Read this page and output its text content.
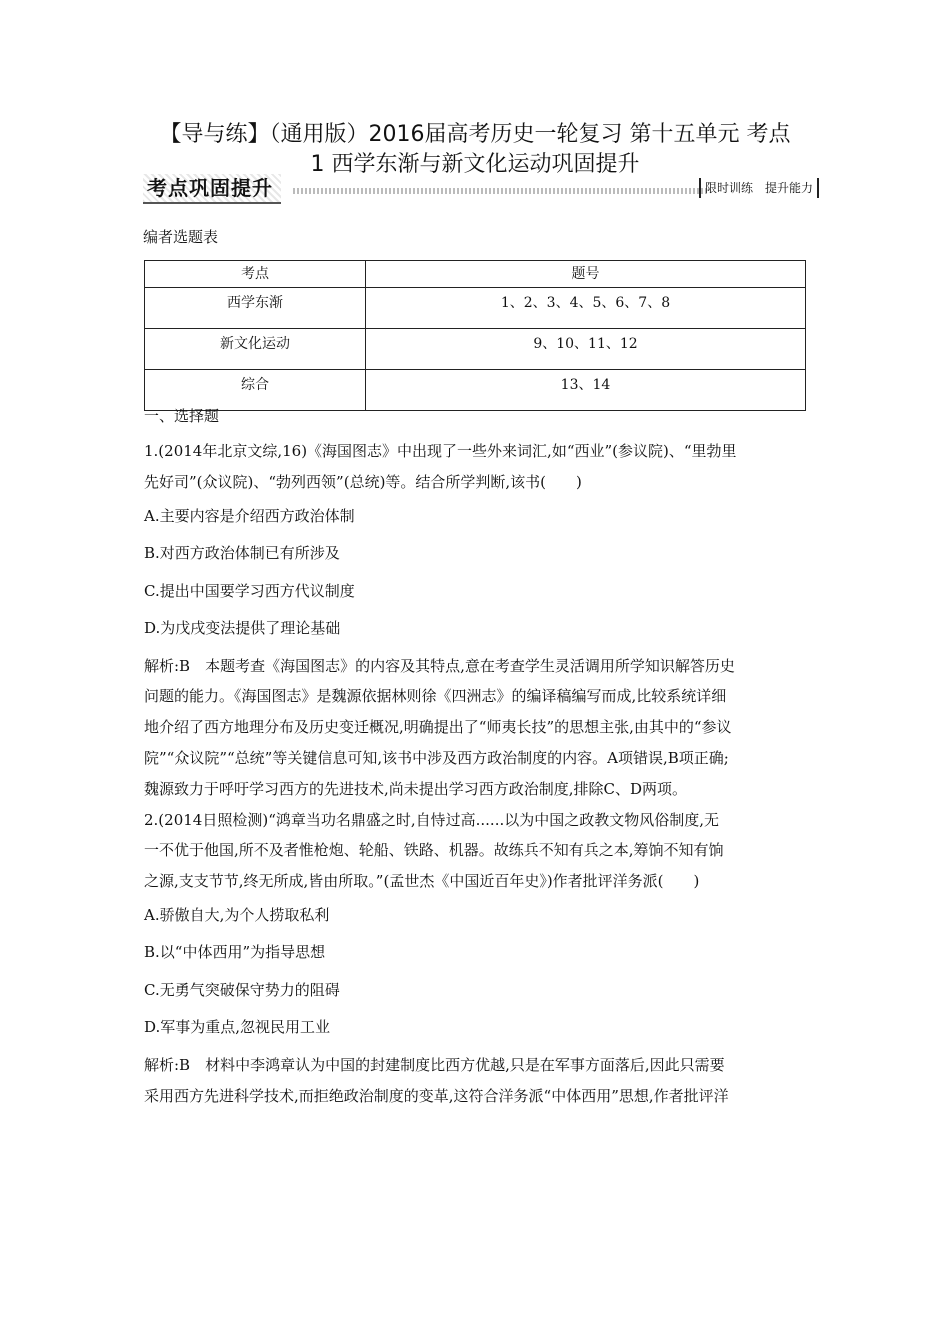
【导与练】（通用版）2016届高考历史一轮复习 第十五单元 考点
1 西学东渐与新文化运动巩固提升
考点巩固提升	限时训练　提升能力
编者选题表
考点	题号
西学东渐	1、2、3、4、5、6、7、8
新文化运动	9、10、11、12
综合	13、14
一、选择题
1.(2014年北京文综,16)《海国图志》中出现了一些外来词汇,如“西业”(参议院)、“里勃里
先好司”(众议院)、“勃列西领”(总统)等。结合所学判断,该书(　　)
A.主要内容是介绍西方政治体制
B.对西方政治体制已有所涉及
C.提出中国要学习西方代议制度
D.为戊戌变法提供了理论基础
解析:B　本题考查《海国图志》的内容及其特点,意在考查学生灵活调用所学知识解答历史
问题的能力。《海国图志》是魏源依据林则徐《四洲志》的编译稿编写而成,比较系统详细
地介绍了西方地理分布及历史变迁概况,明确提出了“师夷长技”的思想主张,由其中的“参议
院”“众议院”“总统”等关键信息可知,该书中涉及西方政治制度的内容。A项错误,B项正确;
魏源致力于呼吁学习西方的先进技术,尚未提出学习西方政治制度,排除C、D两项。
2.(2014日照检测)“鸿章当功名鼎盛之时,自恃过高......以为中国之政教文物风俗制度,无
一不优于他国,所不及者惟枪炮、轮船、铁路、机器。故练兵不知有兵之本,筹饷不知有饷
之源,支支节节,终无所成,皆由所取。”(孟世杰《中国近百年史》)作者批评洋务派(　　)
A.骄傲自大,为个人捞取私利
B.以“中体西用”为指导思想
C.无勇气突破保守势力的阻碍
D.军事为重点,忽视民用工业
解析:B　材料中李鸿章认为中国的封建制度比西方优越,只是在军事方面落后,因此只需要
采用西方先进科学技术,而拒绝政治制度的变革,这符合洋务派“中体西用”思想,作者批评洋
